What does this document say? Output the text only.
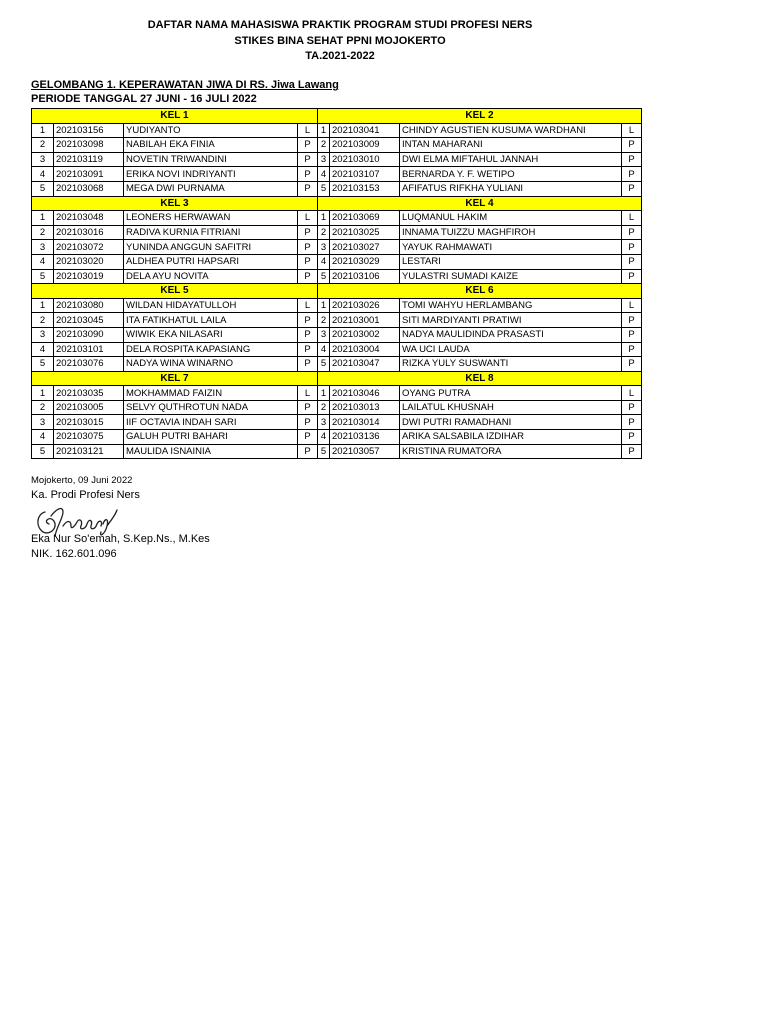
DAFTAR NAMA MAHASISWA PRAKTIK PROGRAM STUDI PROFESI NERS
STIKES BINA SEHAT PPNI MOJOKERTO
TA.2021-2022
GELOMBANG 1. KEPERAWATAN JIWA DI RS. Jiwa Lawang
PERIODE TANGGAL 27 JUNI - 16 JULI 2022
KEL 1				KEL 2			
1	202103156	YUDIYANTO	L	1	202103041	CHINDY AGUSTIEN KUSUMA WARDHANI	L
2	202103098	NABILAH EKA FINIA	P	2	202103009	INTAN MAHARANI	P
3	202103119	NOVETIN TRIWANDINI	P	3	202103010	DWI ELMA MIFTAHUL JANNAH	P
4	202103091	ERIKA NOVI INDRIYANTI	P	4	202103107	BERNARDA Y. F. WETIPO	P
5	202103068	MEGA DWI PURNAMA	P	5	202103153	AFIFATUS RIFKHA YULIANI	P
KEL 3				KEL 4			
1	202103048	LEONERS HERWAWAN	L	1	202103069	LUQMANUL HAKIM	L
2	202103016	RADIVA KURNIA FITRIANI	P	2	202103025	INNAMA TUIZZU MAGHFIROH	P
3	202103072	YUNINDA ANGGUN SAFITRI	P	3	202103027	YAYUK RAHMAWATI	P
4	202103020	ALDHEA PUTRI HAPSARI	P	4	202103029	LESTARI	P
5	202103019	DELA AYU NOVITA	P	5	202103106	YULASTRI SUMADI KAIZE	P
KEL 5				KEL 6			
1	202103080	WILDAN HIDAYATULLOH	L	1	202103026	TOMI WAHYU HERLAMBANG	L
2	202103045	ITA FATIKHATUL LAILA	P	2	202103001	SITI MARDIYANTI PRATIWI	P
3	202103090	WIWIK EKA NILASARI	P	3	202103002	NADYA MAULIDINDA PRASASTI	P
4	202103101	DELA ROSPITA KAPASIANG	P	4	202103004	WA UCI LAUDA	P
5	202103076	NADYA WINA WINARNO	P	5	202103047	RIZKA YULY SUSWANTI	P
KEL 7				KEL 8			
1	202103035	MOKHAMMAD FAIZIN	L	1	202103046	OYANG PUTRA	L
2	202103005	SELVY QUTHROTUN NADA	P	2	202103013	LAILATUL KHUSNAH	P
3	202103015	IIF OCTAVIA INDAH SARI	P	3	202103014	DWI PUTRI RAMADHANI	P
4	202103075	GALUH PUTRI BAHARI	P	4	202103136	ARIKA SALSABILA IZDIHAR	P
5	202103121	MAULIDA ISNAINIA	P	5	202103057	KRISTINA RUMATORA	P
Mojokerto, 09 Juni 2022
Ka. Prodi Profesi Ners
Eka Nur So'emah, S.Kep.Ns., M.Kes
NIK. 162.601.096
